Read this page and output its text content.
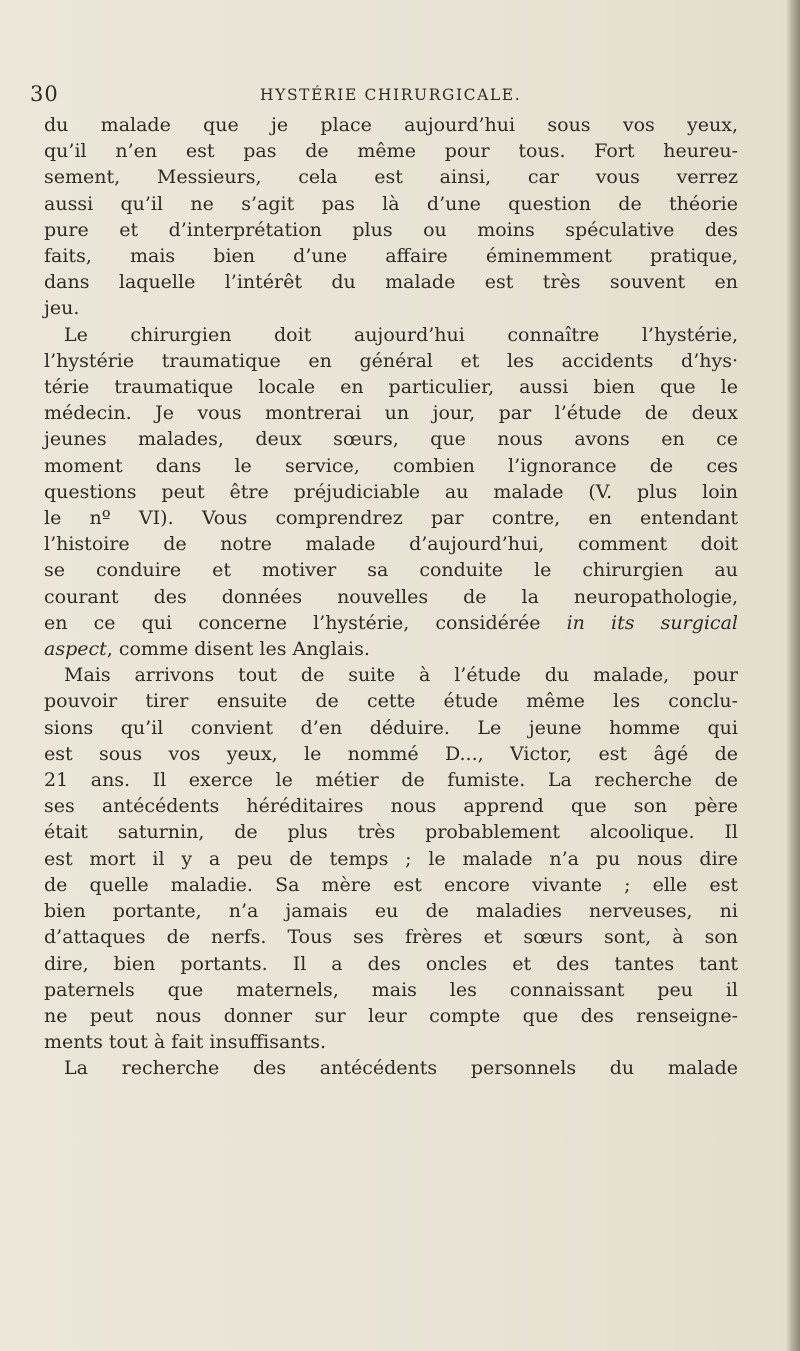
30	HYSTÉRIE CHIRURGICALE.
du malade que je place aujourd’hui sous vos yeux,
qu’il n’en est pas de même pour tous. Fort heureu-
sement, Messieurs, cela est ainsi, car vous verrez
aussi qu’il ne s’agit pas là d’une question de théorie
pure et d’interprétation plus ou moins spéculative des
faits, mais bien d’une affaire éminemment pratique,
dans laquelle l’intérêt du malade est très souvent en
jeu.
Le chirurgien doit aujourd’hui connaître l’hystérie,
l’hystérie traumatique en général et les accidents d’hys·
térie traumatique locale en particulier, aussi bien que le
médecin. Je vous montrerai un jour, par l’étude de deux
jeunes malades, deux sœurs, que nous avons en ce
moment dans le service, combien l’ignorance de ces
questions peut être préjudiciable au malade (V. plus loin
le nº VI). Vous comprendrez par contre, en entendant
l’histoire de notre malade d’aujourd’hui, comment doit
se conduire et motiver sa conduite le chirurgien au
courant des données nouvelles de la neuropathologie,
en ce qui concerne l’hystérie, considérée in its surgical
aspect, comme disent les Anglais.
Mais arrivons tout de suite à l’étude du malade, pour
pouvoir tirer ensuite de cette étude même les conclu-
sions qu’il convient d’en déduire. Le jeune homme qui
est sous vos yeux, le nommé D..., Victor, est âgé de
21 ans. Il exerce le métier de fumiste. La recherche de
ses antécédents héréditaires nous apprend que son père
était saturnin, de plus très probablement alcoolique. Il
est mort il y a peu de temps ; le malade n’a pu nous dire
de quelle maladie. Sa mère est encore vivante ; elle est
bien portante, n’a jamais eu de maladies nerveuses, ni
d’attaques de nerfs. Tous ses frères et sœurs sont, à son
dire, bien portants. Il a des oncles et des tantes tant
paternels que maternels, mais les connaissant peu il
ne peut nous donner sur leur compte que des renseigne-
ments tout à fait insuffisants.
La recherche des antécédents personnels du malade
